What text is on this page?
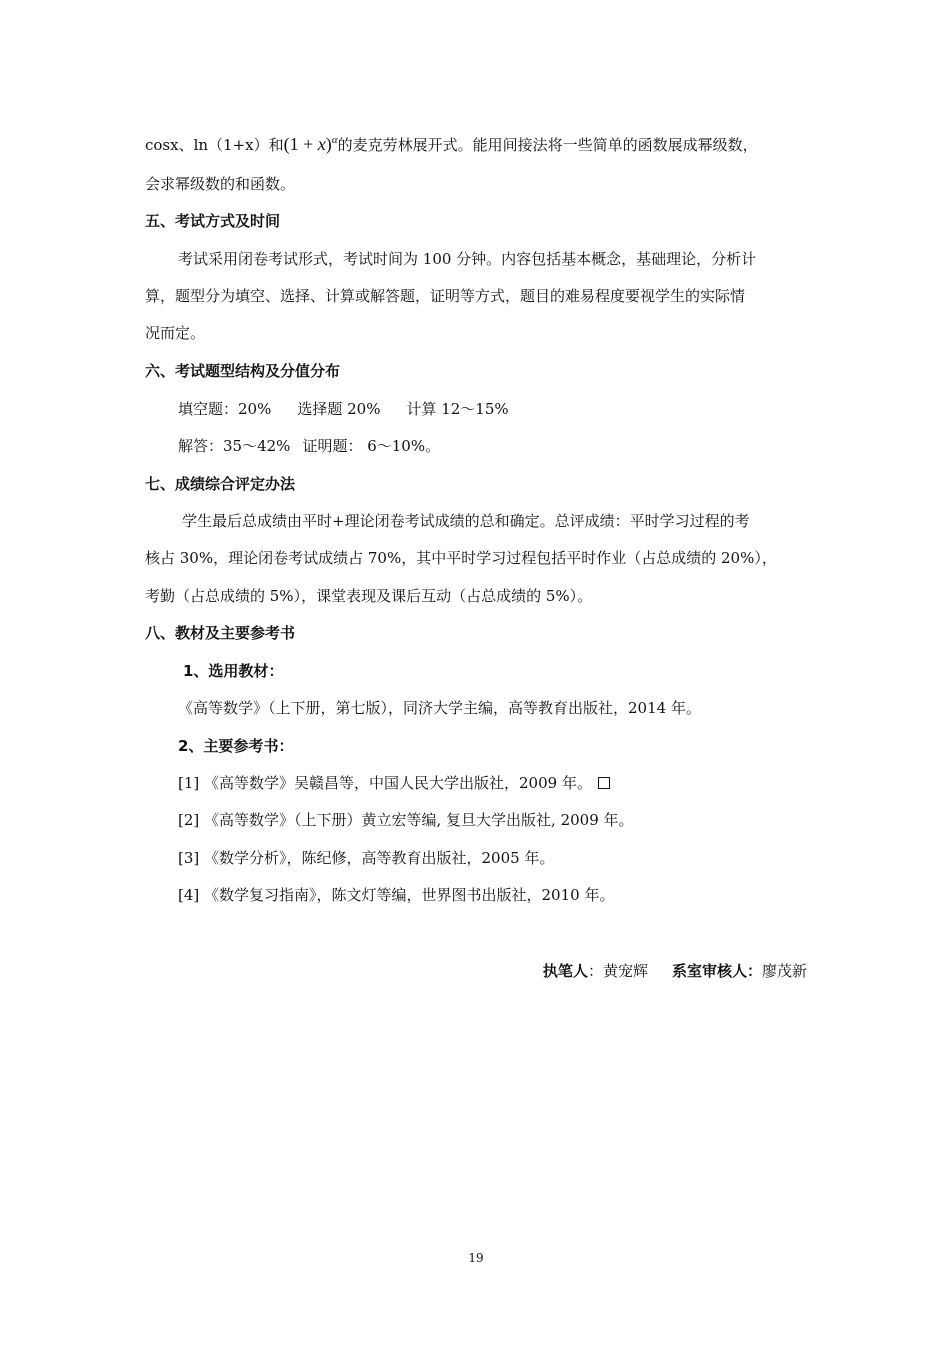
cosx、ln（1+x）和$(1 + x)^\alpha$的麦克劳林展开式。能用间接法将一些简单的函数展成幂级数，
会求幂级数的和函数。
五、考试方式及时间
考试采用闭卷考试形式，考试时间为 100 分钟。内容包括基本概念，基础理论，分析计
算，题型分为填空、选择、计算或解答题，证明等方式，题目的难易程度要视学生的实际情
况而定。
六、考试题型结构及分值分布
填空题：20% 选择题 20% 计算 12～15%
解答：35～42% 证明题： 6～10%。
七、成绩综合评定办法
学生最后总成绩由平时+理论闭卷考试成绩的总和确定。总评成绩：平时学习过程的考
核占 30%，理论闭卷考试成绩占 70%，其中平时学习过程包括平时作业（占总成绩的 20%），
考勤（占总成绩的 5%），课堂表现及课后互动（占总成绩的 5%）。
八、教材及主要参考书
1、选用教材：
《高等数学》（上下册，第七版），同济大学主编，高等教育出版社，2014 年。
2、主要参考书：
[1] 《高等数学》吴赣昌等，中国人民大学出版社，2009 年。
[2] 《高等数学》（上下册）黄立宏等编, 复旦大学出版社, 2009 年。
[3] 《数学分析》，陈纪修，高等教育出版社，2005 年。
[4] 《数学复习指南》，陈文灯等编，世界图书出版社，2010 年。
执笔人：黄宠辉 系室审核人：廖茂新
19
